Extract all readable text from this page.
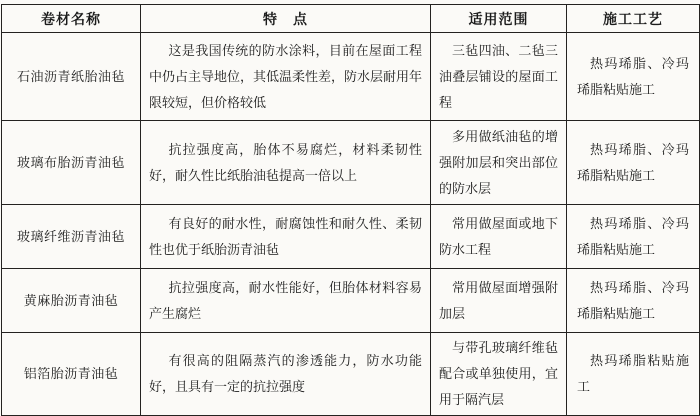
卷材名称	特　点	适用范围	施工工艺
石油沥青纸胎油毡	这是我国传统的防水涂料，目前在屋面工程中仍占主导地位，其低温柔性差，防水层耐用年限较短，但价格较低	三毡四油、二毡三油叠层铺设的屋面工程	热玛琋脂、冷玛琋脂粘贴施工

玻璃布胎沥青油毡	抗拉强度高，胎体不易腐烂，材料柔韧性好，耐久性比纸胎油毡提高一倍以上	多用做纸油毡的增强附加层和突出部位的防水层	热玛琋脂、冷玛琋脂粘贴施工

玻璃纤维沥青油毡	有良好的耐水性，耐腐蚀性和耐久性、柔韧性也优于纸胎沥青油毡	常用做屋面或地下防水工程	热玛琋脂、冷玛琋脂粘贴施工

黄麻胎沥青油毡	抗拉强度高，耐水性能好，但胎体材料容易产生腐烂	常用做屋面增强附加层	热玛琋脂、冷玛琋脂粘贴施工

铝箔胎沥青油毡	有很高的阻隔蒸汽的渗透能力，防水功能好，且具有一定的抗拉强度	与带孔玻璃纤维毡配合或单独使用，宜用于隔汽层	热玛琋脂粘贴施工
